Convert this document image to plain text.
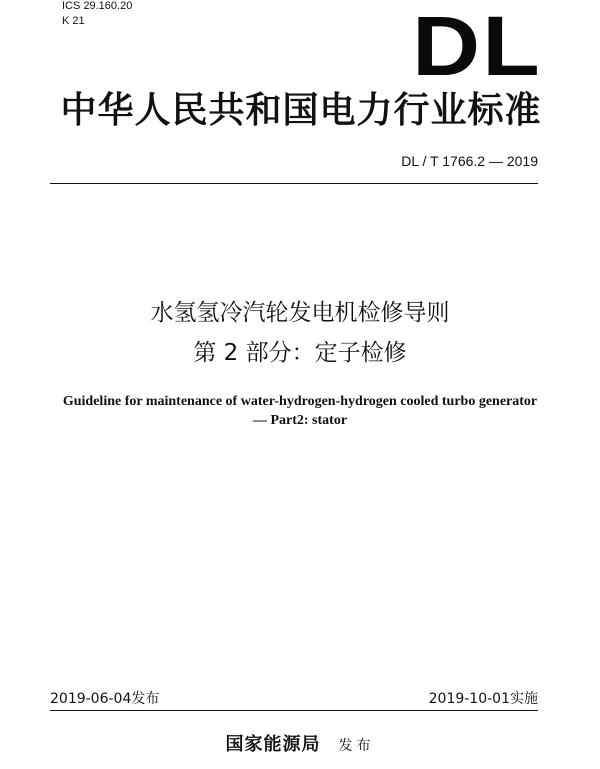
ICS 29.160.20
K 21	DL
中华人民共和国电力行业标准
DL / T 1766.2 — 2019
水氢氢冷汽轮发电机检修导则
第 2 部分：定子检修
Guideline for maintenance of water-hydrogen-hydrogen cooled turbo generator
— Part2: stator
2019-06-04发布	2019-10-01实施
国家能源局 发布
